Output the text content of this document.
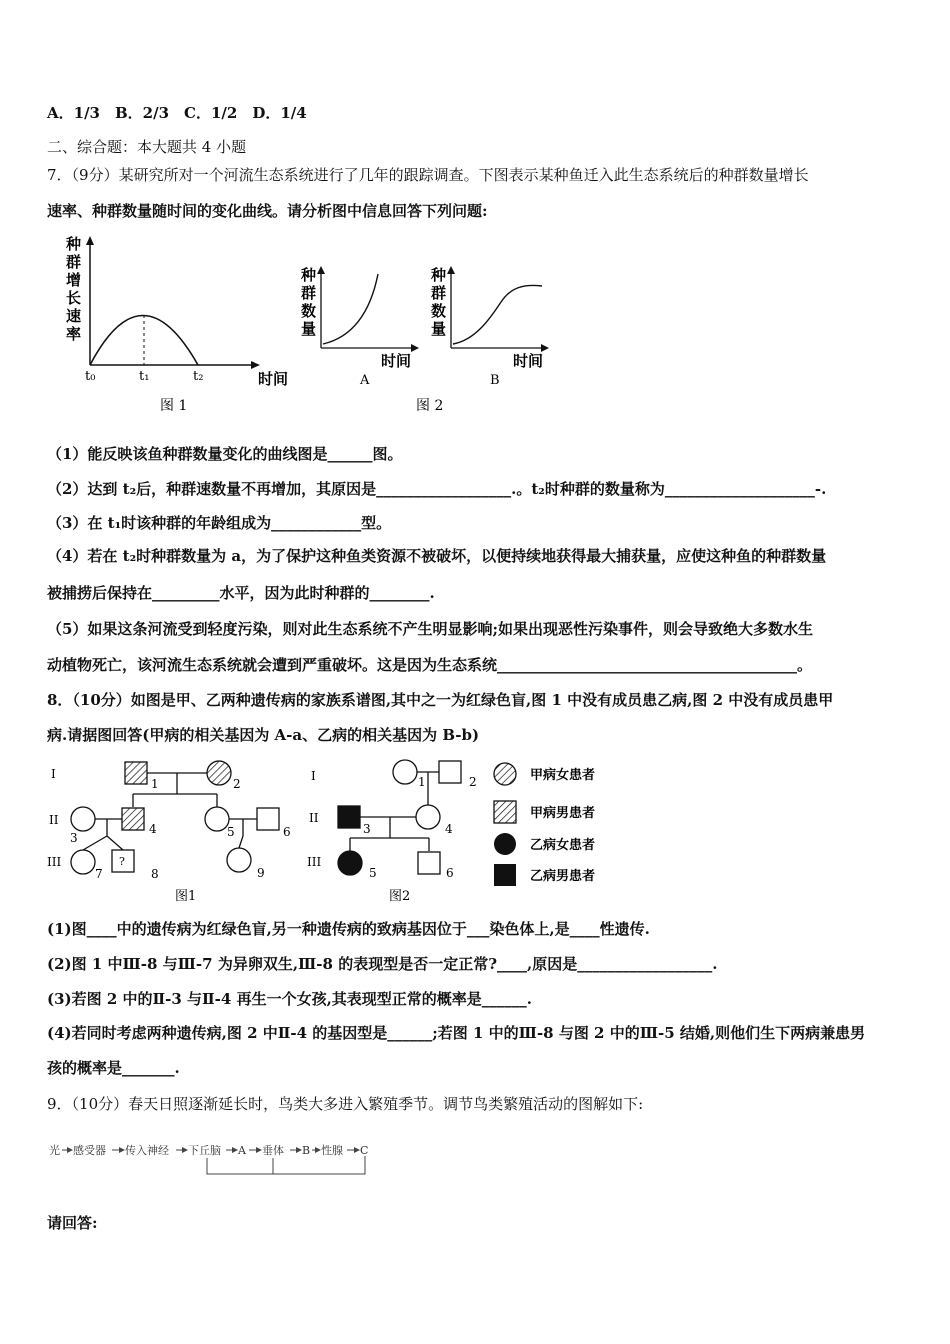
A．1/3　B．2/3　C．1/2　D．1/4
二、综合题：本大题共 4 小题
7．（9分）某研究所对一个河流生态系统进行了几年的跟踪调查。下图表示某种鱼迁入此生态系统后的种群数量增长
速率、种群数量随时间的变化曲线。请分析图中信息回答下列问题:
种
群
增
长
速
率
t₀	t₁	t₂	时间
图 1
种
群
数
量
种
群
数
量
时间
A
时间
B
图 2
（1）能反映该鱼种群数量变化的曲线图是______图。
（2）达到 t₂后，种群速数量不再增加，其原因是__________________.。t₂时种群的数量称为____________________-.
（3）在 t₁时该种群的年龄组成为____________型。
（4）若在 t₂时种群数量为 a，为了保护这种鱼类资源不被破坏，以便持续地获得最大捕获量，应使这种鱼的种群数量
被捕捞后保持在_________水平，因为此时种群的________.
（5）如果这条河流受到轻度污染，则对此生态系统不产生明显影响;如果出现恶性污染事件，则会导致绝大多数水生
动植物死亡，该河流生态系统就会遭到严重破坏。这是因为生态系统________________________________________。
8．（10分）如图是甲、乙两种遗传病的家族系谱图,其中之一为红绿色盲,图 1 中没有成员患乙病,图 2 中没有成员患甲
病.请据图回答(甲病的相关基因为 A-a、乙病的相关基因为 B-b)
I
II
III
1	2
3
4	5	6
?
7	8	9
图1
I
II
III
1	2
3	4
5	6
图2
甲病女患者
甲病男患者
乙病女患者
乙病男患者
(1)图____中的遗传病为红绿色盲,另一种遗传病的致病基因位于___染色体上,是____性遗传.
(2)图 1 中Ⅲ-8 与Ⅲ-7 为异卵双生,Ⅲ-8 的表现型是否一定正常?____,原因是__________________.
(3)若图 2 中的Ⅱ-3 与Ⅱ-4 再生一个女孩,其表现型正常的概率是______.
(4)若同时考虑两种遗传病,图 2 中Ⅱ-4 的基因型是______;若图 1 中的Ⅲ-8 与图 2 中的Ⅲ-5 结婚,则他们生下两病兼患男
孩的概率是_______.
9．（10分）春天日照逐渐延长时，鸟类大多进入繁殖季节。调节鸟类繁殖活动的图解如下:
光 感受器 传入神经 下丘脑 A 垂体 B 性腺 C
请回答:
